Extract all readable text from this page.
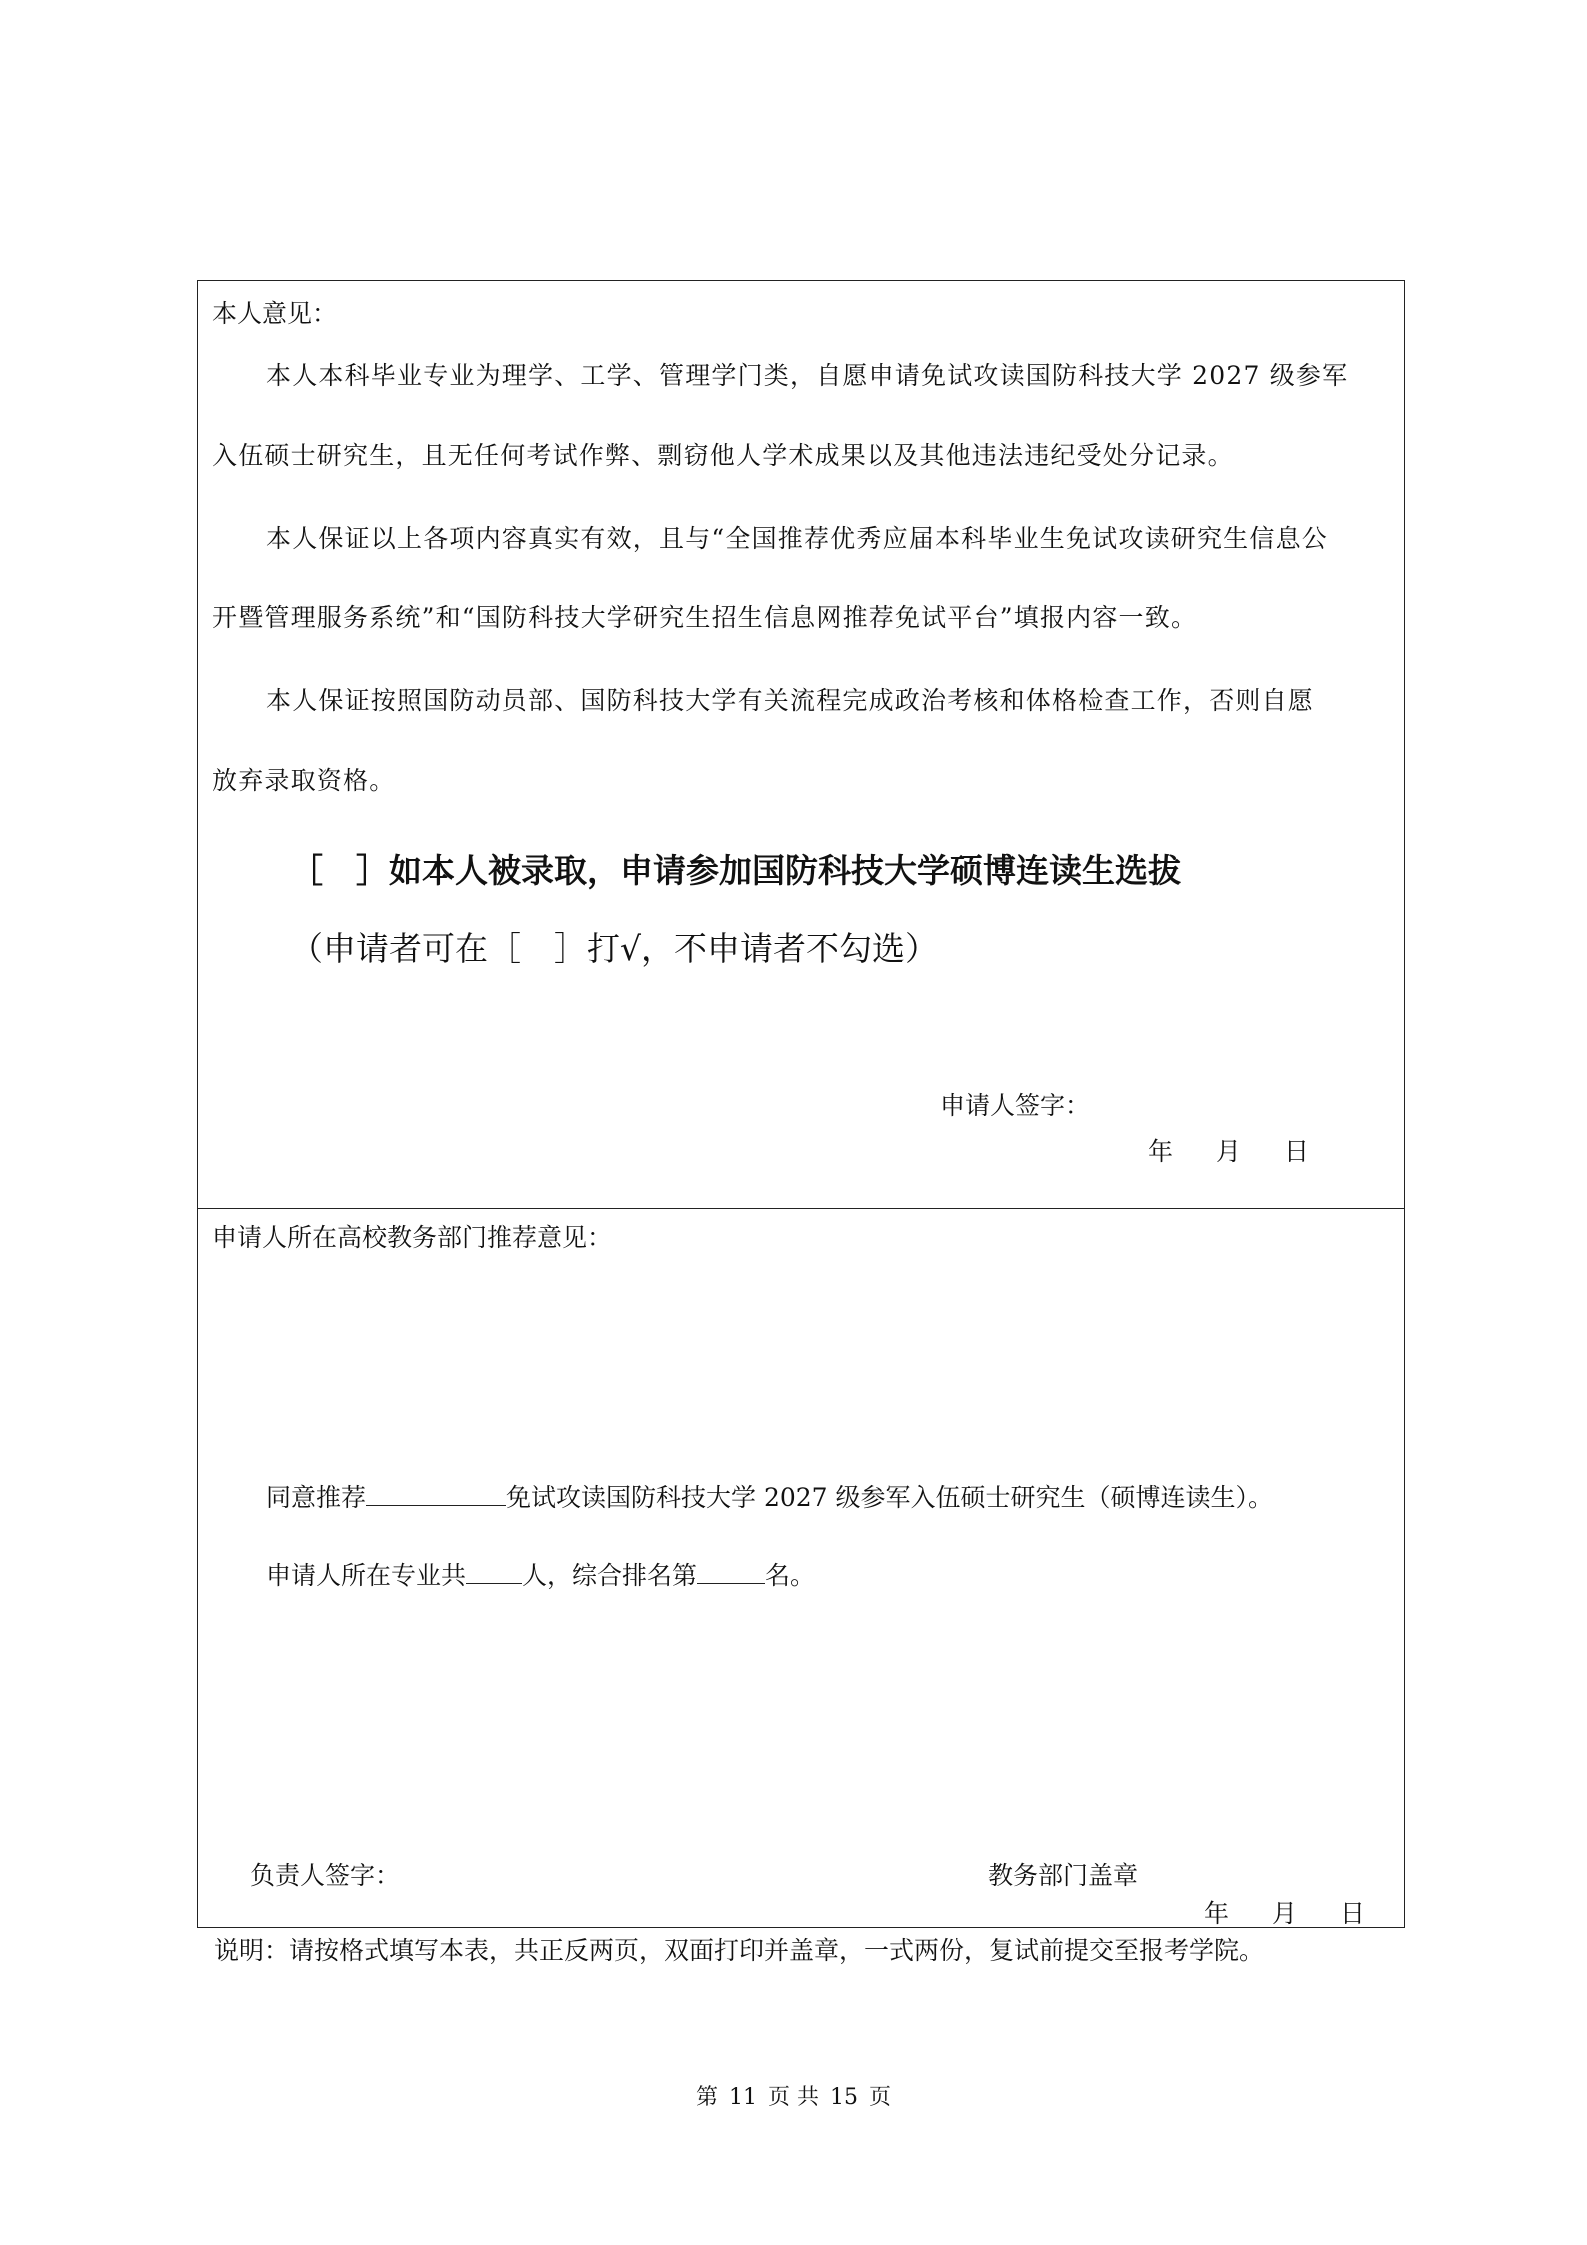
本人意见：
本人本科毕业专业为理学、工学、管理学门类，自愿申请免试攻读国防科技大学 2027 级参军
入伍硕士研究生，且无任何考试作弊、剽窃他人学术成果以及其他违法违纪受处分记录。
本人保证以上各项内容真实有效，且与“全国推荐优秀应届本科毕业生免试攻读研究生信息公
开暨管理服务系统”和“国防科技大学研究生招生信息网推荐免试平台”填报内容一致。
本人保证按照国防动员部、国防科技大学有关流程完成政治考核和体格检查工作，否则自愿
放弃录取资格。
［　］如本人被录取，申请参加国防科技大学硕博连读生选拔
（申请者可在［　］打√，不申请者不勾选）
申请人签字：
年 月 日
申请人所在高校教务部门推荐意见：
同意推荐	免试攻读国防科技大学 2027 级参军入伍硕士研究生（硕博连读生）。
申请人所在专业共 人，综合排名第	名。
负责人签字：	教务部门盖章
年 月 日
说明：请按格式填写本表，共正反两页，双面打印并盖章，一式两份，复试前提交至报考学院。
第 11 页 共 15 页
